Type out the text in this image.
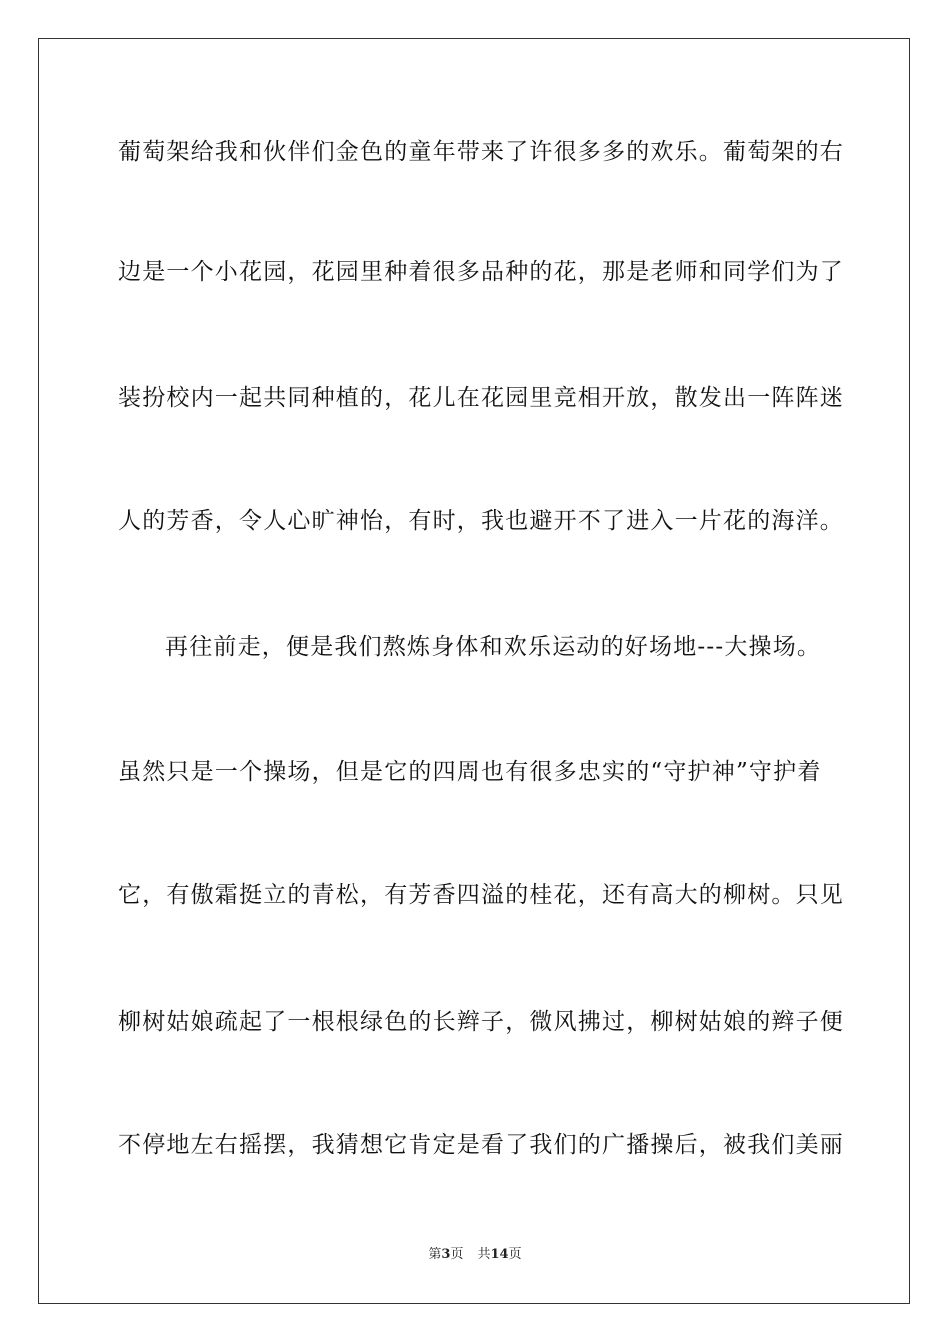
葡萄架给我和伙伴们金色的童年带来了许很多多的欢乐。葡萄架的右
边是一个小花园，花园里种着很多品种的花，那是老师和同学们为了
装扮校内一起共同种植的，花儿在花园里竞相开放，散发出一阵阵迷
人的芳香，令人心旷神怡，有时，我也避开不了进入一片花的海洋。
再往前走，便是我们熬炼身体和欢乐运动的好场地---大操场。
虽然只是一个操场，但是它的四周也有很多忠实的“守护神”守护着
它，有傲霜挺立的青松，有芳香四溢的桂花，还有高大的柳树。只见
柳树姑娘疏起了一根根绿色的长辫子，微风拂过，柳树姑娘的辫子便
不停地左右摇摆，我猜想它肯定是看了我们的广播操后，被我们美丽
第3页 共14页
